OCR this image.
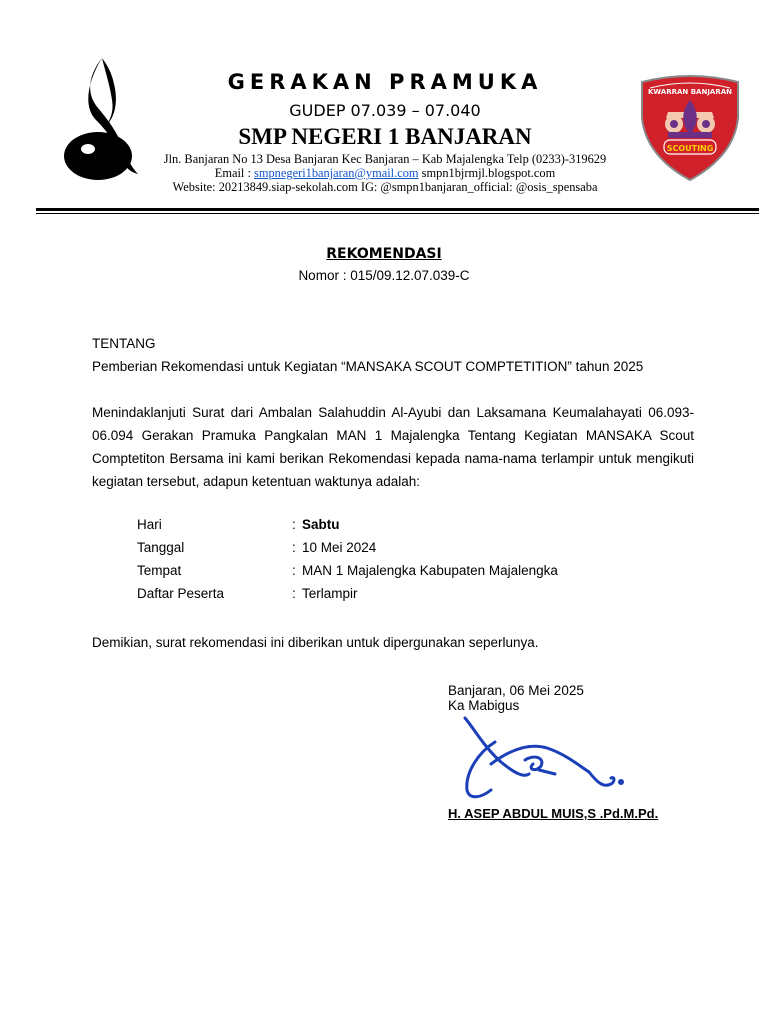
GERAKAN PRAMUKA
GUDEP 07.039 – 07.040
SMP NEGERI 1 BANJARAN
Jln. Banjaran No 13 Desa Banjaran Kec Banjaran – Kab Majalengka Telp (0233)-319629
Email : smpnegeri1banjaran@ymail.com smpn1bjrmjl.blogspot.com
Website: 20213849.siap-sekolah.com IG: @smpn1banjaran_official: @osis_spensaba
KWARRAN BANJARAN
SCOUTING
REKOMENDASI
Nomor : 015/09.12.07.039-C
TENTANG
Pemberian Rekomendasi untuk Kegiatan “MANSAKA SCOUT COMPTETITION” tahun 2025
Menindaklanjuti Surat dari Ambalan Salahuddin Al-Ayubi dan Laksamana Keumalahayati 06.093-06.094 Gerakan Pramuka Pangkalan MAN 1 Majalengka Tentang Kegiatan MANSAKA Scout Comptetiton Bersama ini kami berikan Rekomendasi kepada nama-nama terlampir untuk mengikuti kegiatan tersebut, adapun ketentuan waktunya adalah:
Hari	:	Sabtu
Tanggal	:	10 Mei 2024
Tempat	:	MAN 1 Majalengka Kabupaten Majalengka
Daftar Peserta	:	Terlampir
Demikian, surat rekomendasi ini diberikan untuk dipergunakan seperlunya.
Banjaran, 06 Mei 2025
Ka Mabigus
H. ASEP ABDUL MUIS,S .Pd.M.Pd.
